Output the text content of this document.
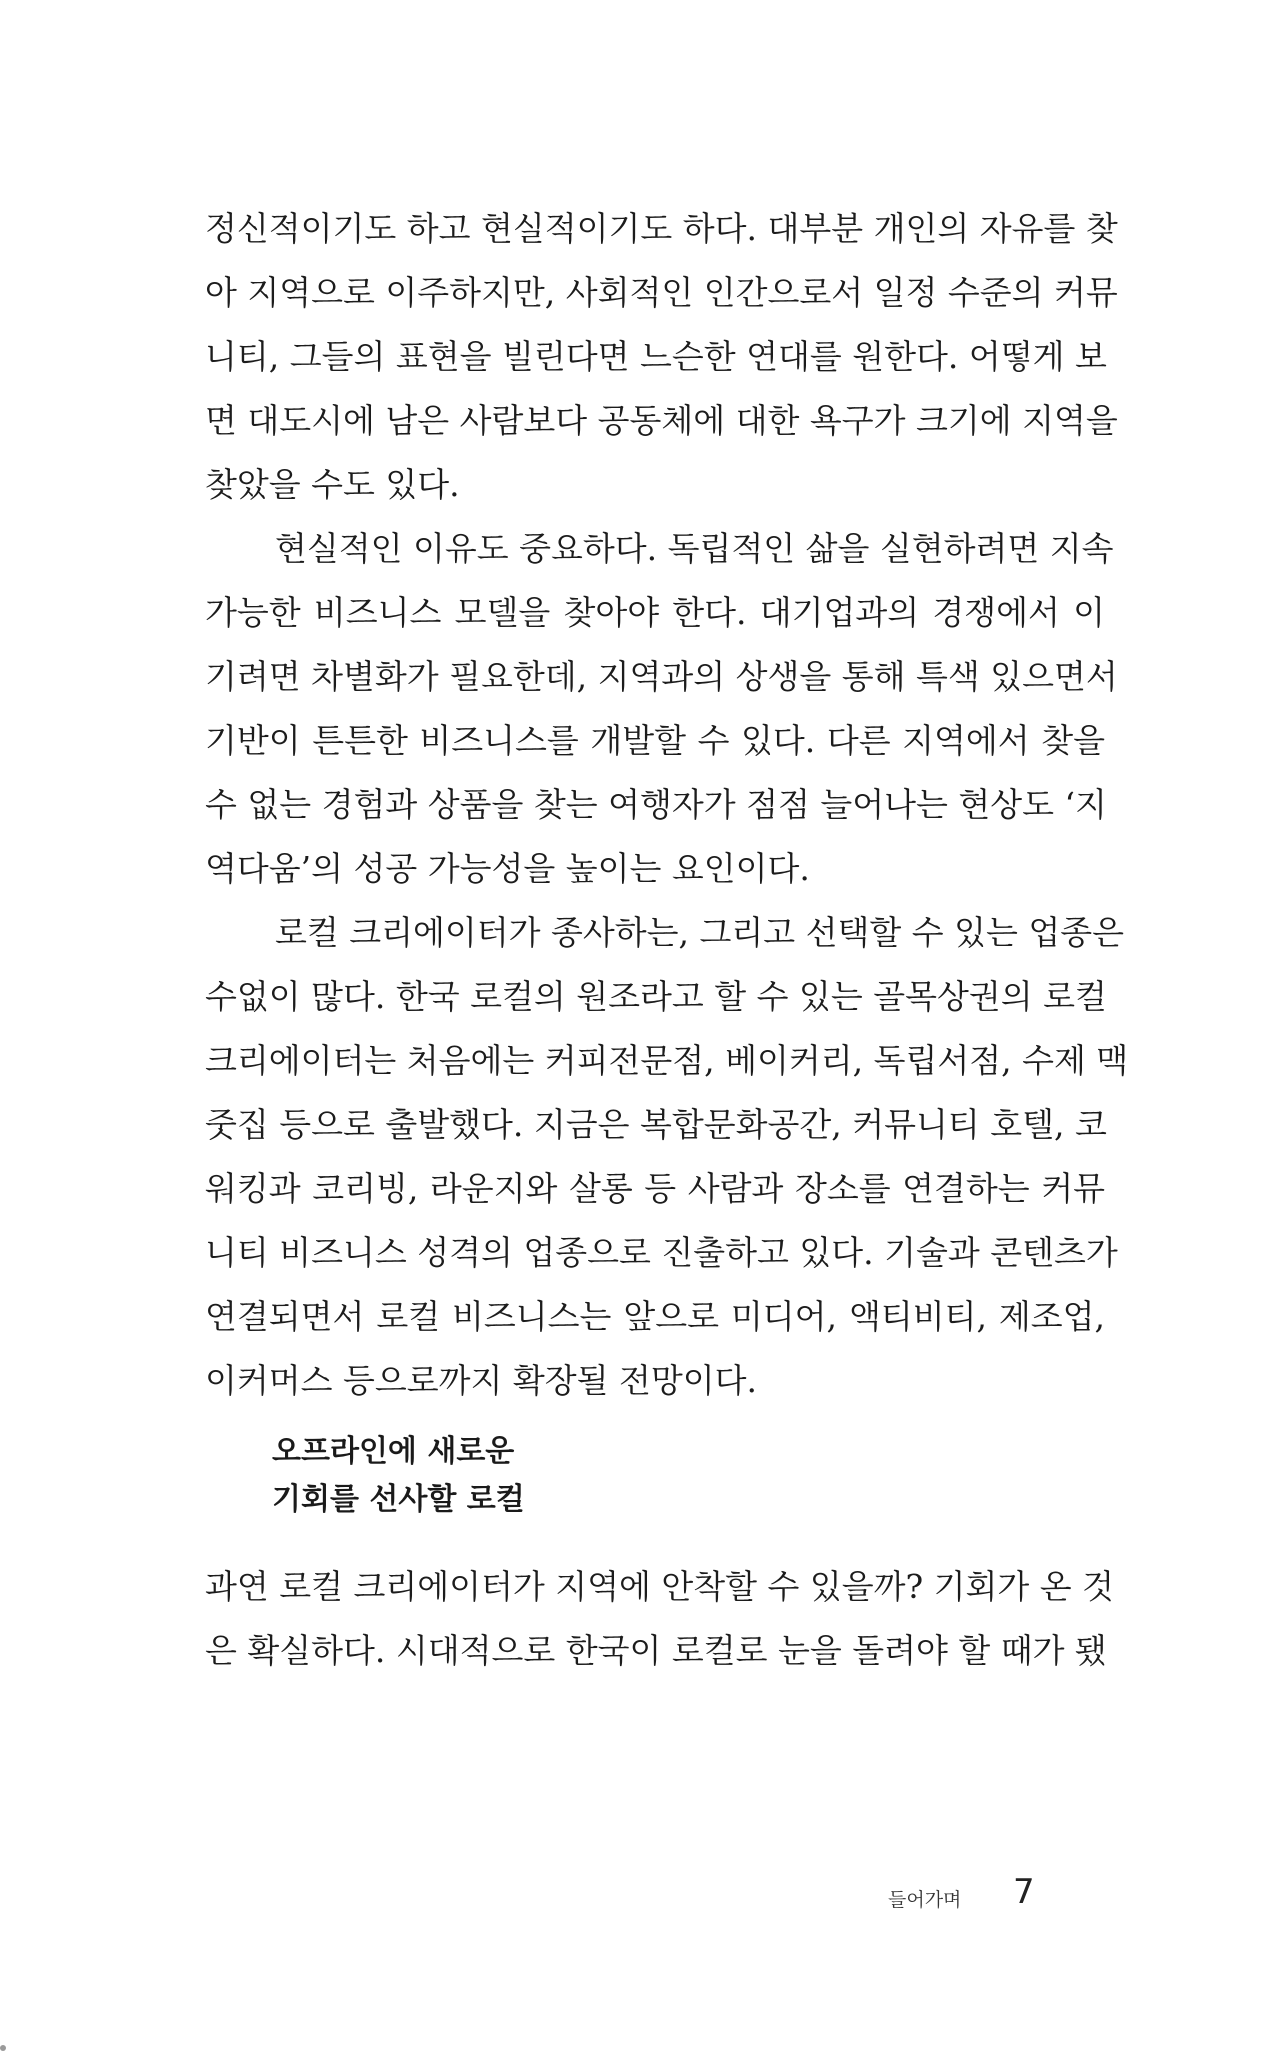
정신적이기도 하고 현실적이기도 하다. 대부분 개인의 자유를 찾
아 지역으로 이주하지만, 사회적인 인간으로서 일정 수준의 커뮤
니티, 그들의 표현을 빌린다면 느슨한 연대를 원한다. 어떻게 보
면 대도시에 남은 사람보다 공동체에 대한 욕구가 크기에 지역을
찾았을 수도 있다.
현실적인 이유도 중요하다. 독립적인 삶을 실현하려면 지속
가능한 비즈니스 모델을 찾아야 한다. 대기업과의 경쟁에서 이
기려면 차별화가 필요한데, 지역과의 상생을 통해 특색 있으면서
기반이 튼튼한 비즈니스를 개발할 수 있다. 다른 지역에서 찾을
수 없는 경험과 상품을 찾는 여행자가 점점 늘어나는 현상도 ‘지
역다움’의 성공 가능성을 높이는 요인이다.
로컬 크리에이터가 종사하는, 그리고 선택할 수 있는 업종은
수없이 많다. 한국 로컬의 원조라고 할 수 있는 골목상권의 로컬
크리에이터는 처음에는 커피전문점, 베이커리, 독립서점, 수제 맥
줏집 등으로 출발했다. 지금은 복합문화공간, 커뮤니티 호텔, 코
워킹과 코리빙, 라운지와 살롱 등 사람과 장소를 연결하는 커뮤
니티 비즈니스 성격의 업종으로 진출하고 있다. 기술과 콘텐츠가
연결되면서 로컬 비즈니스는 앞으로 미디어, 액티비티, 제조업,
이커머스 등으로까지 확장될 전망이다.
오프라인에 새로운
기회를 선사할 로컬
과연 로컬 크리에이터가 지역에 안착할 수 있을까? 기회가 온 것
은 확실하다. 시대적으로 한국이 로컬로 눈을 돌려야 할 때가 됐
들어가며 7
